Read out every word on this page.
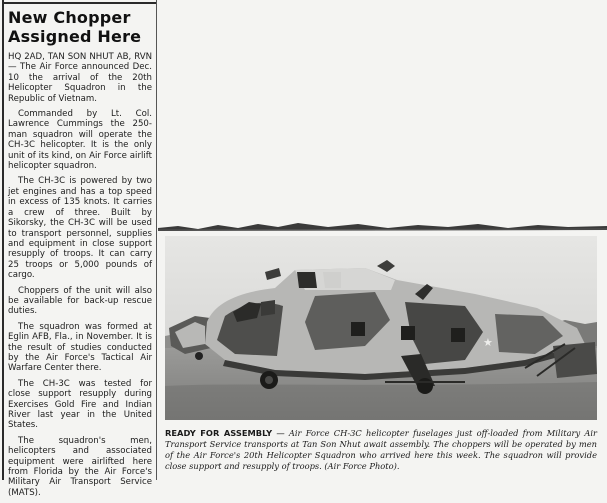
New Chopper Assigned Here

HQ 2AD, TAN SON NHUT AB, RVN — The Air Force announced Dec. 10 the arrival of the 20th Helicopter Squadron in the Republic of Vietnam.

Commanded by Lt. Col. Lawrence Cummings the 250-man squadron will operate the CH-3C helicopter. It is the only unit of its kind, on Air Force airlift helicopter squadron.

The CH-3C is powered by two jet engines and has a top speed in excess of 135 knots. It carries a crew of three. Built by Sikorsky, the CH-3C will be used to transport personnel, supplies and equipment in close support resupply of troops. It can carry 25 troops or 5,000 pounds of cargo.

Choppers of the unit will also be available for back-up rescue duties.

The squadron was formed at Eglin AFB, Fla., in November. It is the result of studies conducted by the Air Force's Tactical Air Warfare Center there.

The CH-3C was tested for close support resupply during Exercises Gold Fire and Indian River last year in the United States.

The squadron's men, helicopters and associated equipment were airlifted here from Florida by the Air Force's Military Air Transport Service (MATS).

★
READY FOR ASSEMBLY — Air Force CH-3C helicopter fuselages just off-loaded from Military Air Transport Service transports at Tan Son Nhut await assembly. The choppers will be operated by men of the Air Force's 20th Helicopter Squadron who arrived here this week. The squadron will provide close support and resupply of troops. (Air Force Photo).
